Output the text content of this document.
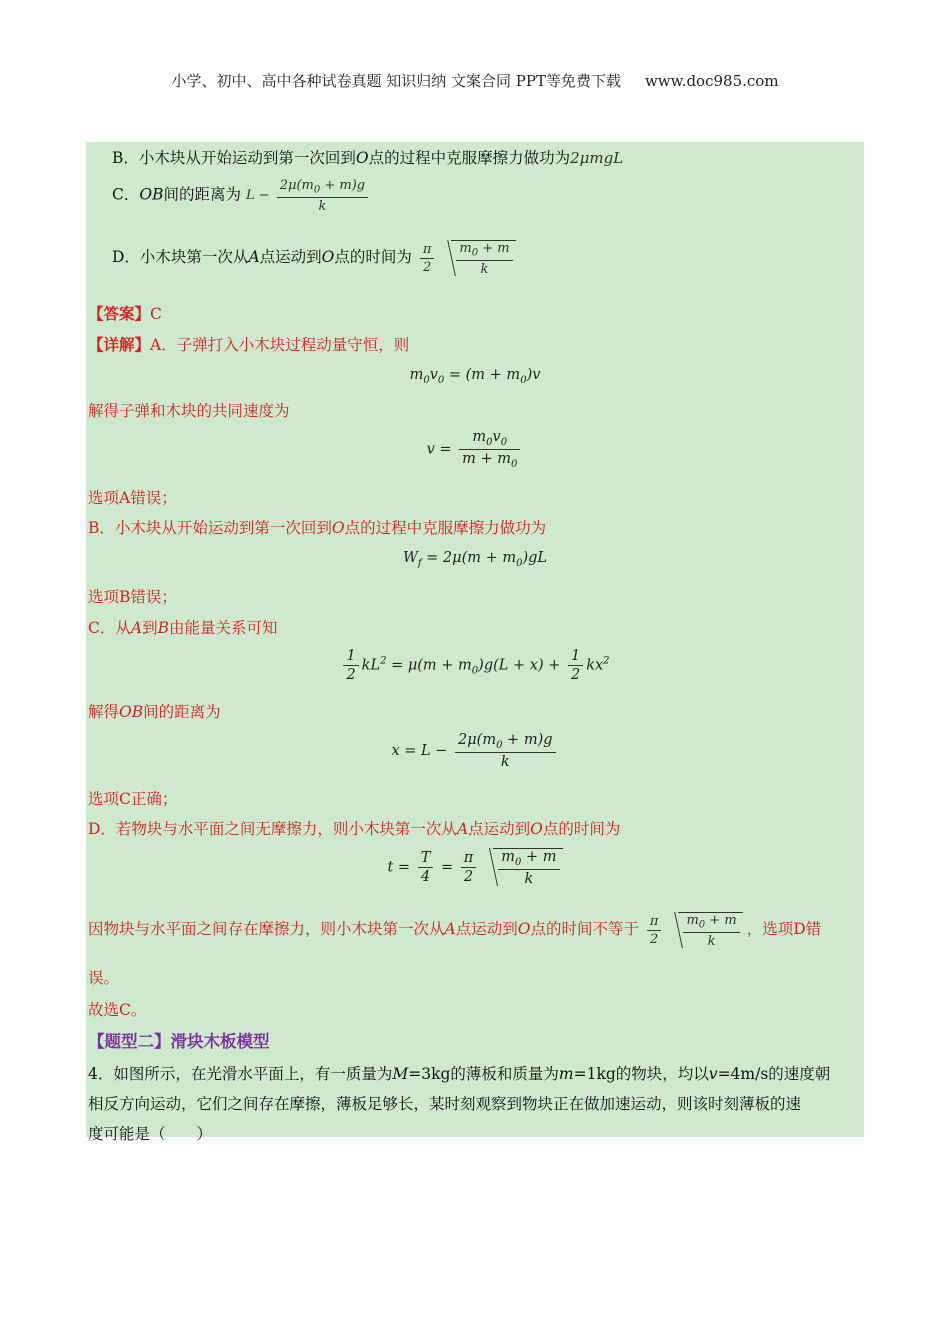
小学、初中、高中各种试卷真题 知识归纳 文案合同 PPT等免费下载 www.doc985.com
B．小木块从开始运动到第一次回到O点的过程中克服摩擦力做功为2μmgL
C．OB间的距离为 $L - \frac{2\mu(m_0 + m)g}{k}$
D．小木块第一次从A点运动到O点的时间为 $\frac{\pi}{2} \frac{m_0 + m}{k}$
【答案】C
【详解】A．子弹打入小木块过程动量守恒，则
$m_0v_0 = (m + m_0)v$
解得子弹和木块的共同速度为
$v = \frac{m_0v_0}{m + m_0}$
选项A错误；
B．小木块从开始运动到第一次回到O点的过程中克服摩擦力做功为
$W_f = 2\mu(m + m_0)gL$
选项B错误；
C．从A到B由能量关系可知
$\frac{1}{2} kL^2 = \mu(m + m_0)g(L + x) + \frac{1}{2} kx^2$
解得OB间的距离为
$x = L - \frac{2\mu(m_0 + m)g}{k}$
选项C正确；
D．若物块与水平面之间无摩擦力，则小木块第一次从A点运动到O点的时间为
$t = \frac{T}{4} = \frac{\pi}{2} \frac{m_0 + m}{k}$
因物块与水平面之间存在摩擦力，则小木块第一次从A点运动到O点的时间不等于 $\frac{\pi}{2} \frac{m_0 + m}{k}$ ，选项D错
误。
故选C。
【题型二】滑块木板模型
4．如图所示，在光滑水平面上，有一质量为M=3kg的薄板和质量为m=1kg的物块，均以v=4m/s的速度朝
相反方向运动，它们之间存在摩擦，薄板足够长，某时刻观察到物块正在做加速运动，则该时刻薄板的速
度可能是（　　）
